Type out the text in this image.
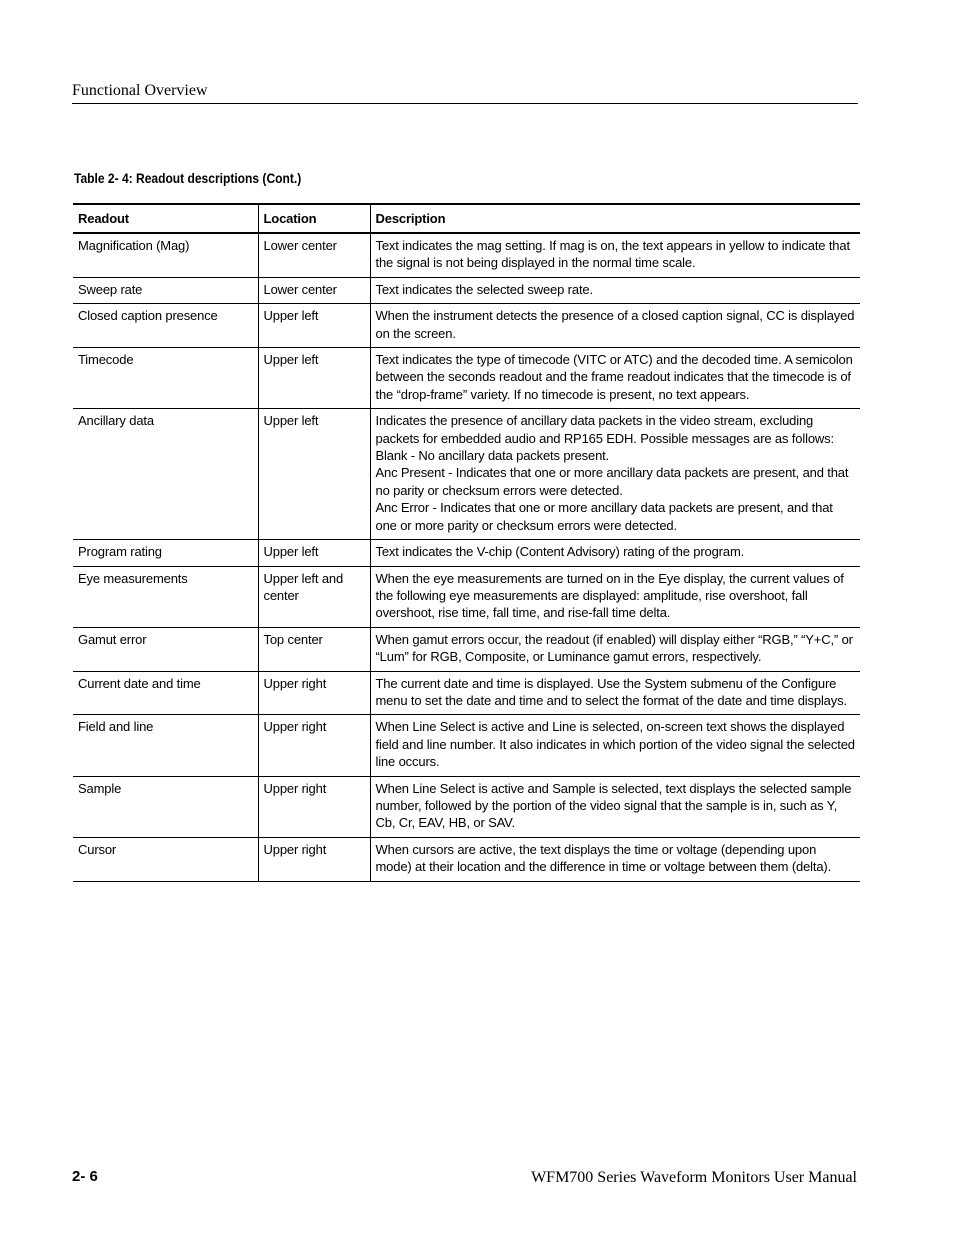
Functional Overview
Table 2- 4: Readout descriptions (Cont.)
Readout	Location	Description
Magnification (Mag)	Lower center	Text indicates the mag setting. If mag is on, the text appears in yellow to indicate that the signal is not being displayed in the normal time scale.
Sweep rate	Lower center	Text indicates the selected sweep rate.
Closed caption presence	Upper left	When the instrument detects the presence of a closed caption signal, CC is displayed on the screen.
Timecode	Upper left	Text indicates the type of timecode (VITC or ATC) and the decoded time. A semicolon between the seconds readout and the frame readout indicates that the timecode is of the “drop-frame” variety. If no timecode is present, no text appears.
Ancillary data	Upper left	Indicates the presence of ancillary data packets in the video stream, excluding packets for embedded audio and RP165 EDH. Possible messages are as follows:
Blank - No ancillary data packets present.
Anc Present - Indicates that one or more ancillary data packets are present, and that no parity or checksum errors were detected.
Anc Error - Indicates that one or more ancillary data packets are present, and that one or more parity or checksum errors were detected.

Program rating	Upper left	Text indicates the V-chip (Content Advisory) rating of the program.
Eye measurements	Upper left and center	When the eye measurements are turned on in the Eye display, the current values of the following eye measurements are displayed: amplitude, rise overshoot, fall overshoot, rise time, fall time, and rise-fall time delta.
Gamut error	Top center	When gamut errors occur, the readout (if enabled) will display either “RGB,” “Y+C,” or “Lum” for RGB, Composite, or Luminance gamut errors, respectively.
Current date and time	Upper right	The current date and time is displayed. Use the System submenu of the Configure menu to set the date and time and to select the format of the date and time displays.
Field and line	Upper right	When Line Select is active and Line is selected, on-screen text shows the displayed field and line number. It also indicates in which portion of the video signal the selected line occurs.
Sample	Upper right	When Line Select is active and Sample is selected, text displays the selected sample number, followed by the portion of the video signal that the sample is in, such as Y, Cb, Cr, EAV, HB, or SAV.
Cursor	Upper right	When cursors are active, the text displays the time or voltage (depending upon mode) at their location and the difference in time or voltage between them (delta).
2- 6	WFM700 Series Waveform Monitors User Manual
